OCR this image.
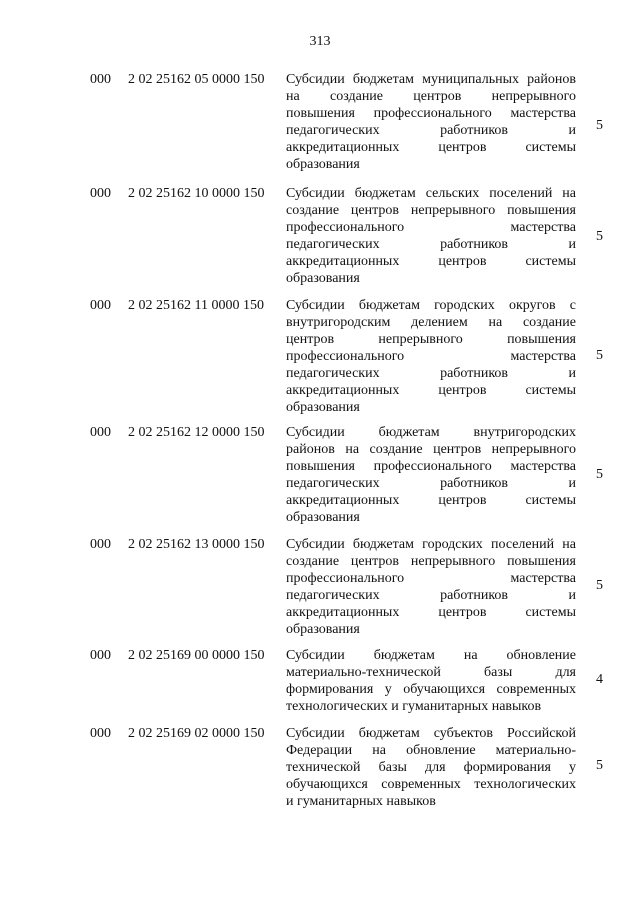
313
000 2 02 25162 05 0000 150 Субсидии бюджетам муниципальных районов
на создание центров непрерывного
повышения профессионального мастерства
педагогических работников и
аккредитационных центров системы
образования
5
000 2 02 25162 10 0000 150 Субсидии бюджетам сельских поселений на
создание центров непрерывного повышения
профессионального мастерства
педагогических работников и
аккредитационных центров системы
образования
5
000 2 02 25162 11 0000 150 Субсидии бюджетам городских округов с
внутригородским делением на создание
центров непрерывного повышения
профессионального мастерства
педагогических работников и
аккредитационных центров системы
образования
5
000 2 02 25162 12 0000 150 Субсидии бюджетам внутригородских
районов на создание центров непрерывного
повышения профессионального мастерства
педагогических работников и
аккредитационных центров системы
образования
5
000 2 02 25162 13 0000 150 Субсидии бюджетам городских поселений на
создание центров непрерывного повышения
профессионального мастерства
педагогических работников и
аккредитационных центров системы
образования
5
000 2 02 25169 00 0000 150 Субсидии бюджетам на обновление
материально-технической базы для
формирования у обучающихся современных
технологических и гуманитарных навыков
4
000 2 02 25169 02 0000 150 Субсидии бюджетам субъектов Российской
Федерации на обновление материально-
технической базы для формирования у
обучающихся современных технологических
и гуманитарных навыков
5
